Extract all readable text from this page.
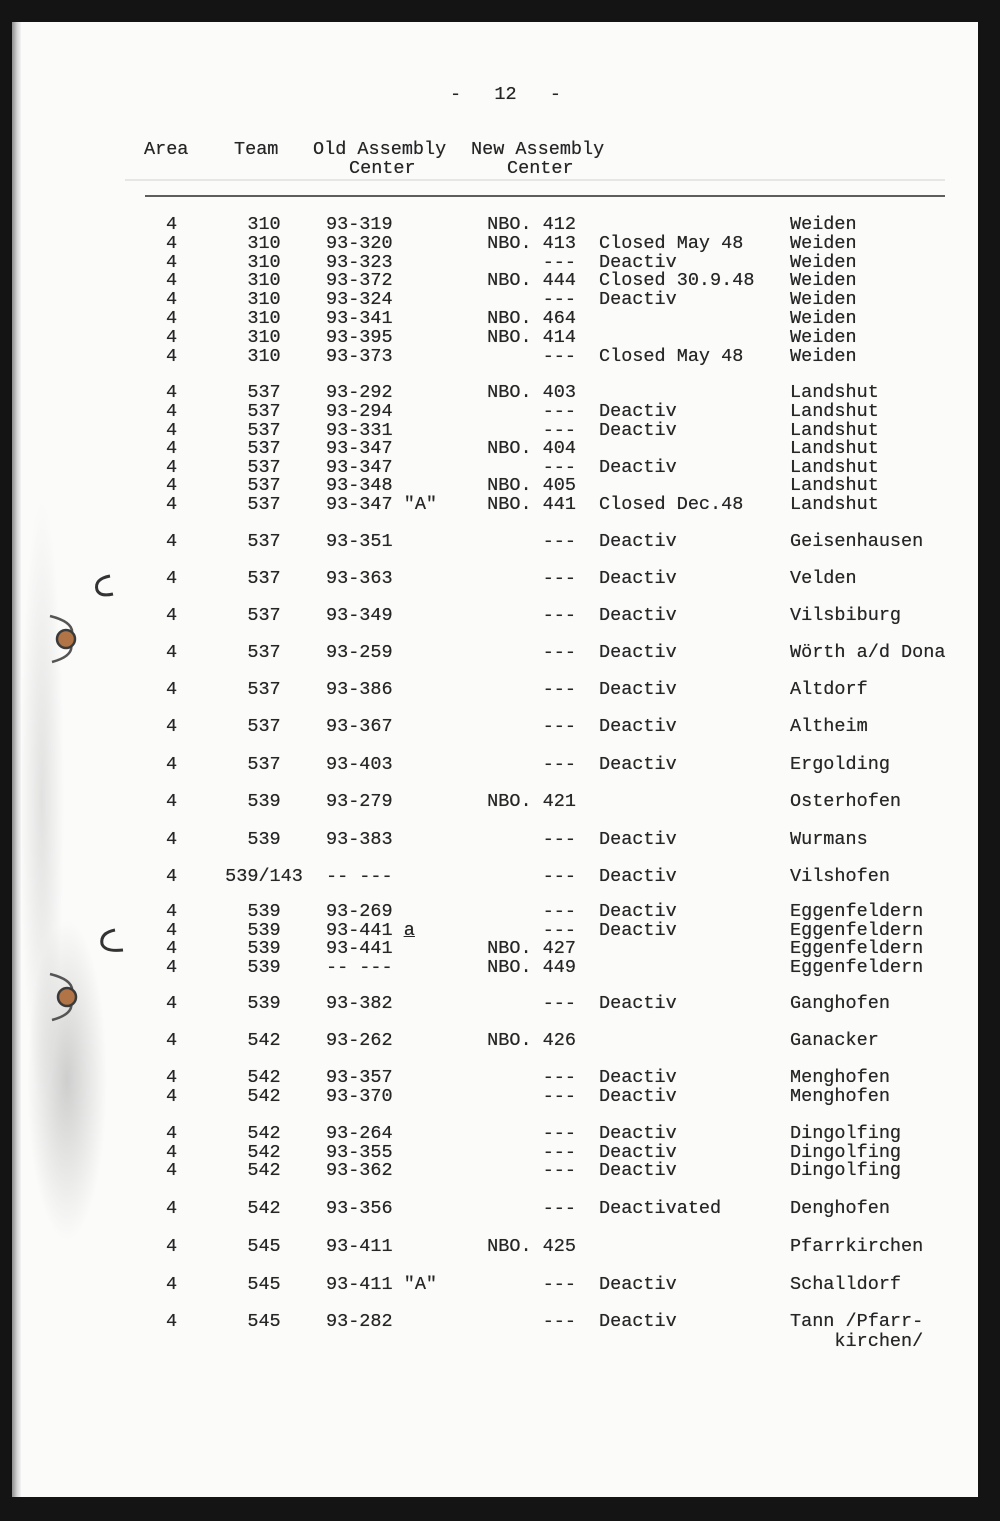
-   12   -
Area Team Old Assembly
Center
New Assembly
Center
4	310	93-319	NBO. 412	Weiden
4	310	93-320	NBO. 413 Closed May 48	Weiden
4	310	93-323	--- Deactiv	Weiden
4	310	93-372	NBO. 444 Closed 30.9.48 Weiden
4	310	93-324	--- Deactiv	Weiden
4	310	93-341	NBO. 464	Weiden
4	310	93-395	NBO. 414	Weiden
4	310	93-373	--- Closed May 48	Weiden
4	537	93-292	NBO. 403	Landshut
4	537	93-294	--- Deactiv	Landshut
4	537	93-331	--- Deactiv	Landshut
4	537	93-347	NBO. 404	Landshut
4	537	93-347	--- Deactiv	Landshut
4	537	93-348	NBO. 405	Landshut
4	537	93-347 "A"	NBO. 441 Closed Dec.48	Landshut
4	537	93-351	--- Deactiv	Geisenhausen
4	537	93-363	--- Deactiv	Velden
4	537	93-349	--- Deactiv	Vilsbiburg
4	537	93-259	--- Deactiv	Wörth a/d Dona
4	537	93-386	--- Deactiv	Altdorf
4	537	93-367	--- Deactiv	Altheim
4	537	93-403	--- Deactiv	Ergolding
4	539	93-279	NBO. 421	Osterhofen
4	539	93-383	--- Deactiv	Wurmans
4	539/143	-- ---	--- Deactiv	Vilshofen
4	539	93-269	--- Deactiv	Eggenfeldern
4	539	93-441 a	--- Deactiv	Eggenfeldern
4	539	93-441	NBO. 427	Eggenfeldern
4	539	-- ---	NBO. 449	Eggenfeldern
4	539	93-382	--- Deactiv	Ganghofen
4	542	93-262	NBO. 426	Ganacker
4	542	93-357	--- Deactiv	Menghofen
4	542	93-370	--- Deactiv	Menghofen
4	542	93-264	--- Deactiv	Dingolfing
4	542	93-355	--- Deactiv	Dingolfing
4	542	93-362	--- Deactiv	Dingolfing
4	542	93-356	--- Deactivated	Denghofen
4	545	93-411	NBO. 425	Pfarrkirchen
4	545	93-411 "A"	--- Deactiv	Schalldorf
4	545	93-282	--- Deactiv	Tann /Pfarr-
kirchen/
